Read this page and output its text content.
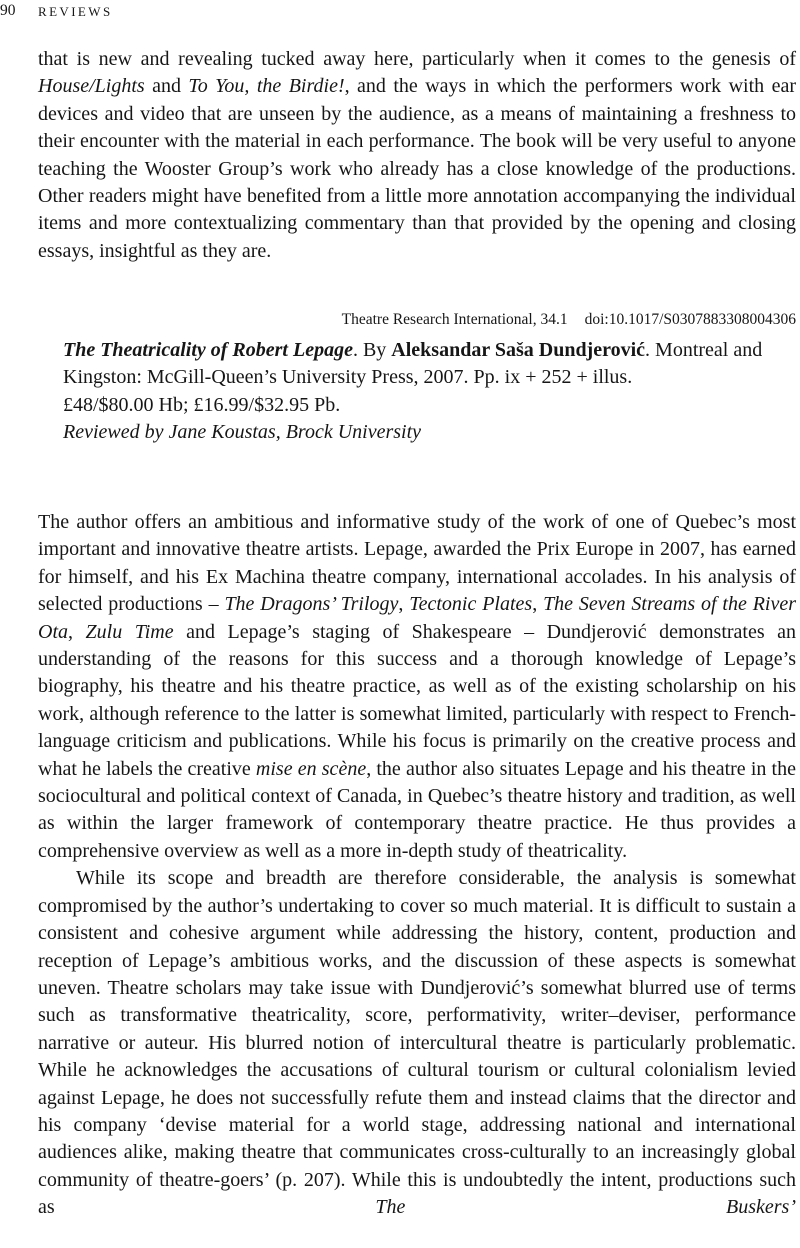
90 REVIEWS

that is new and revealing tucked away here, particularly when it comes to the genesis of House/Lights and To You, the Birdie!, and the ways in which the performers work with ear devices and video that are unseen by the audience, as a means of maintaining a freshness to their encounter with the material in each performance. The book will be very useful to anyone teaching the Wooster Group’s work who already has a close knowledge of the productions. Other readers might have benefited from a little more annotation accompanying the individual items and more contextualizing commentary than that provided by the opening and closing essays, insightful as they are.

Theatre Research International, 34.1 doi:10.1017/S0307883308004306

The Theatricality of Robert Lepage. By Aleksandar Saša Dundjerović. Montreal and Kingston: McGill-Queen’s University Press, 2007. Pp. ix + 252 + illus.

£48/$80.00 Hb; £16.99/$32.95 Pb.

Reviewed by Jane Koustas, Brock University

The author offers an ambitious and informative study of the work of one of Quebec’s most important and innovative theatre artists. Lepage, awarded the Prix Europe in 2007, has earned for himself, and his Ex Machina theatre company, international accolades. In his analysis of selected productions – The Dragons’ Trilogy, Tectonic Plates, The Seven Streams of the River Ota, Zulu Time and Lepage’s staging of Shakespeare – Dundjerović demonstrates an understanding of the reasons for this success and a thorough knowledge of Lepage’s biography, his theatre and his theatre practice, as well as of the existing scholarship on his work, although reference to the latter is somewhat limited, particularly with respect to French-language criticism and publications. While his focus is primarily on the creative process and what he labels the creative mise en scène, the author also situates Lepage and his theatre in the sociocultural and political context of Canada, in Quebec’s theatre history and tradition, as well as within the larger framework of contemporary theatre practice. He thus provides a comprehensive overview as well as a more in-depth study of theatricality.

While its scope and breadth are therefore considerable, the analysis is somewhat compromised by the author’s undertaking to cover so much material. It is difficult to sustain a consistent and cohesive argument while addressing the history, content, production and reception of Lepage’s ambitious works, and the discussion of these aspects is somewhat uneven. Theatre scholars may take issue with Dundjerović’s somewhat blurred use of terms such as transformative theatricality, score, performativity, writer–deviser, performance narrative or auteur. His blurred notion of intercultural theatre is particularly problematic. While he acknowledges the accusations of cultural tourism or cultural colonialism levied against Lepage, he does not successfully refute them and instead claims that the director and his company ‘devise material for a world stage, addressing national and international audiences alike, making theatre that communicates cross-culturally to an increasingly global community of theatre-goers’ (p. 207). While this is undoubtedly the intent, productions such as The Buskers’
